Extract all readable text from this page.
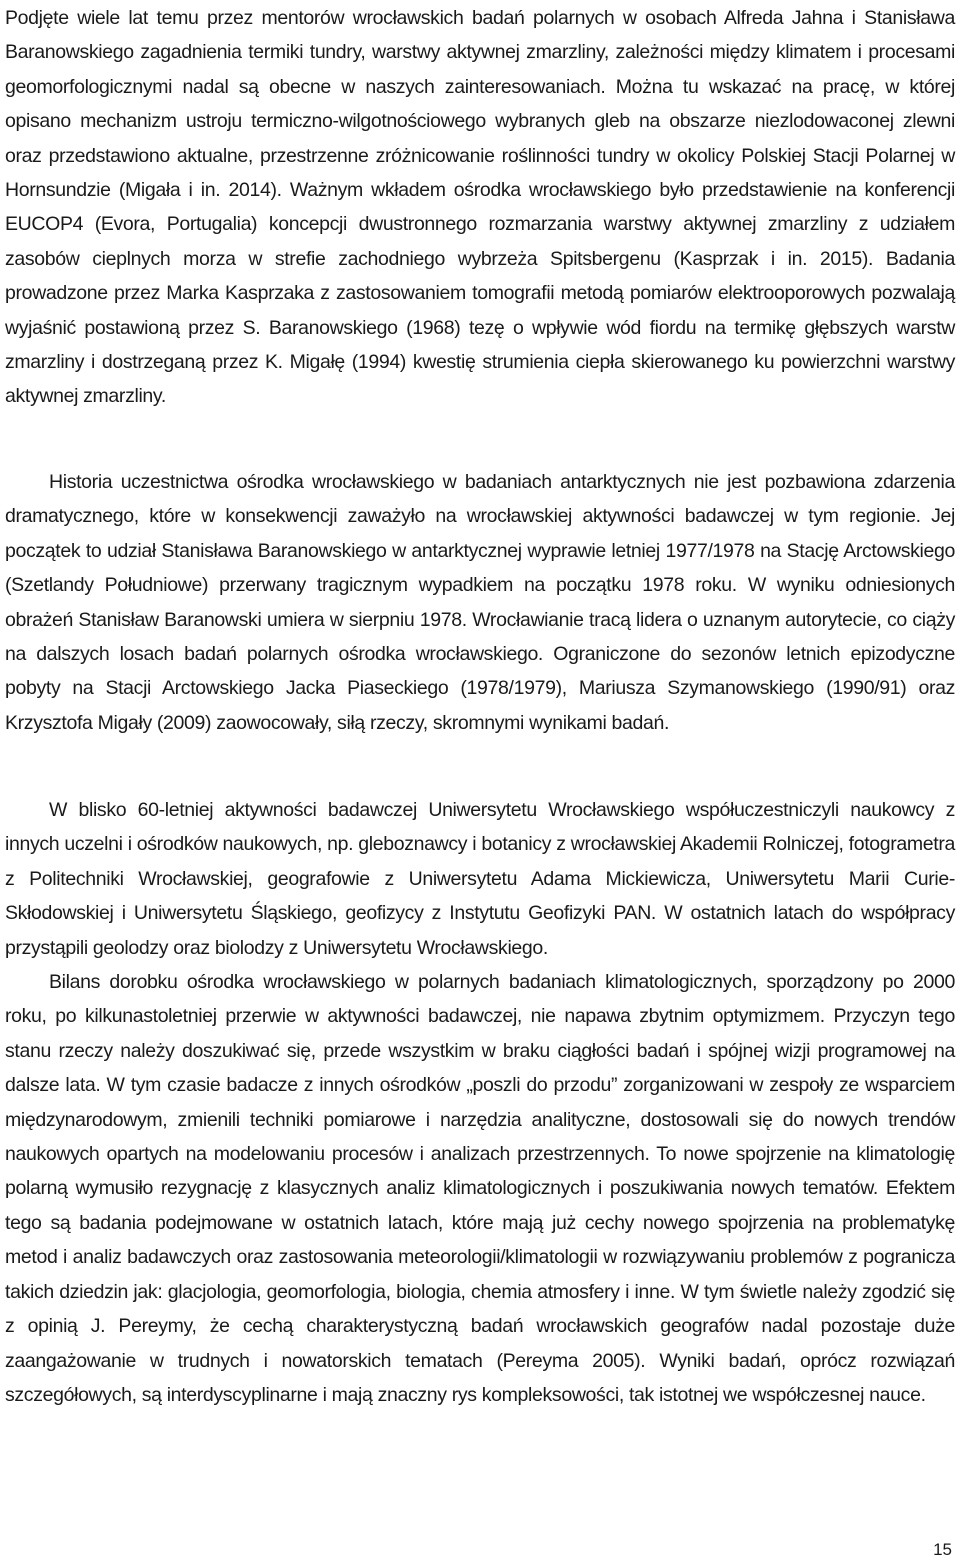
Podjęte wiele lat temu przez mentorów wrocławskich badań polarnych w osobach Alfreda Jahna i Stanisława Baranowskiego zagadnienia termiki tundry, warstwy aktywnej zmarzliny, zależności między klimatem i procesami geomorfologicznymi nadal są obecne w naszych zainteresowaniach. Można tu wskazać na pracę, w której opisano mechanizm ustroju termiczno-wilgotnościowego wybranych gleb na obszarze niezlodowaconej zlewni oraz przedstawiono aktualne, przestrzenne zróżnicowanie roślinności tundry w okolicy Polskiej Stacji Polarnej w Hornsundzie (Migała i in. 2014). Ważnym wkładem ośrodka wrocławskiego było przedstawienie na konferencji EUCOP4 (Evora, Portugalia) koncepcji dwustronnego rozmarzania warstwy aktywnej zmarzliny z udziałem zasobów cieplnych morza w strefie zachodniego wybrzeża Spitsbergenu (Kasprzak i in. 2015). Badania prowadzone przez Marka Kasprzaka z zastosowaniem tomografii metodą pomiarów elektrooporowych pozwalają wyjaśnić postawioną przez S. Baranowskiego (1968) tezę o wpływie wód fiordu na termikę głębszych warstw zmarzliny i dostrzeganą przez K. Migałę (1994) kwestię strumienia ciepła skierowanego ku powierzchni warstwy aktywnej zmarzliny.

Historia uczestnictwa ośrodka wrocławskiego w badaniach antarktycznych nie jest pozbawiona zdarzenia dramatycznego, które w konsekwencji zaważyło na wrocławskiej aktywności badawczej w tym regionie. Jej początek to udział Stanisława Baranowskiego w antarktycznej wyprawie letniej 1977/1978 na Stację Arctowskiego (Szetlandy Południowe) przerwany tragicznym wypadkiem na początku 1978 roku. W wyniku odniesionych obrażeń Stanisław Baranowski umiera w sierpniu 1978. Wrocławianie tracą lidera o uznanym autorytecie, co ciąży na dalszych losach badań polarnych ośrodka wrocławskiego. Ograniczone do sezonów letnich epizodyczne pobyty na Stacji Arctowskiego Jacka Piaseckiego (1978/1979), Mariusza Szymanowskiego (1990/91) oraz Krzysztofa Migały (2009) zaowocowały, siłą rzeczy, skromnymi wynikami badań.

W blisko 60-letniej aktywności badawczej Uniwersytetu Wrocławskiego współuczestniczyli naukowcy z innych uczelni i ośrodków naukowych, np. gleboznawcy i botanicy z wrocławskiej Akademii Rolniczej, fotogrametra z Politechniki Wrocławskiej, geografowie z Uniwersytetu Adama Mickiewicza, Uniwersytetu Marii Curie-Skłodowskiej i Uniwersytetu Śląskiego, geofizycy z Instytutu Geofizyki PAN. W ostatnich latach do współpracy przystąpili geolodzy oraz biolodzy z Uniwersytetu Wrocławskiego.

Bilans dorobku ośrodka wrocławskiego w polarnych badaniach klimatologicznych, sporządzony po 2000 roku, po kilkunastoletniej przerwie w aktywności badawczej, nie napawa zbytnim optymizmem. Przyczyn tego stanu rzeczy należy doszukiwać się, przede wszystkim w braku ciągłości badań i spójnej wizji programowej na dalsze lata. W tym czasie badacze z innych ośrodków „poszli do przodu” zorganizowani w zespoły ze wsparciem międzynarodowym, zmienili techniki pomiarowe i narzędzia analityczne, dostosowali się do nowych trendów naukowych opartych na modelowaniu procesów i analizach przestrzennych. To nowe spojrzenie na klimatologię polarną wymusiło rezygnację z klasycznych analiz klimatologicznych i poszukiwania nowych tematów. Efektem tego są badania podejmowane w ostatnich latach, które mają już cechy nowego spojrzenia na problematykę metod i analiz badawczych oraz zastosowania meteorologii/klimatologii w rozwiązywaniu problemów z pogranicza takich dziedzin jak: glacjologia, geomorfologia, biologia, chemia atmosfery i inne. W tym świetle należy zgodzić się z opinią J. Pereymy, że cechą charakterystyczną badań wrocławskich geografów nadal pozostaje duże zaangażowanie w trudnych i nowatorskich tematach (Pereyma 2005). Wyniki badań, oprócz rozwiązań szczegółowych, są interdyscyplinarne i mają znaczny rys kompleksowości, tak istotnej we współczesnej nauce.

15
